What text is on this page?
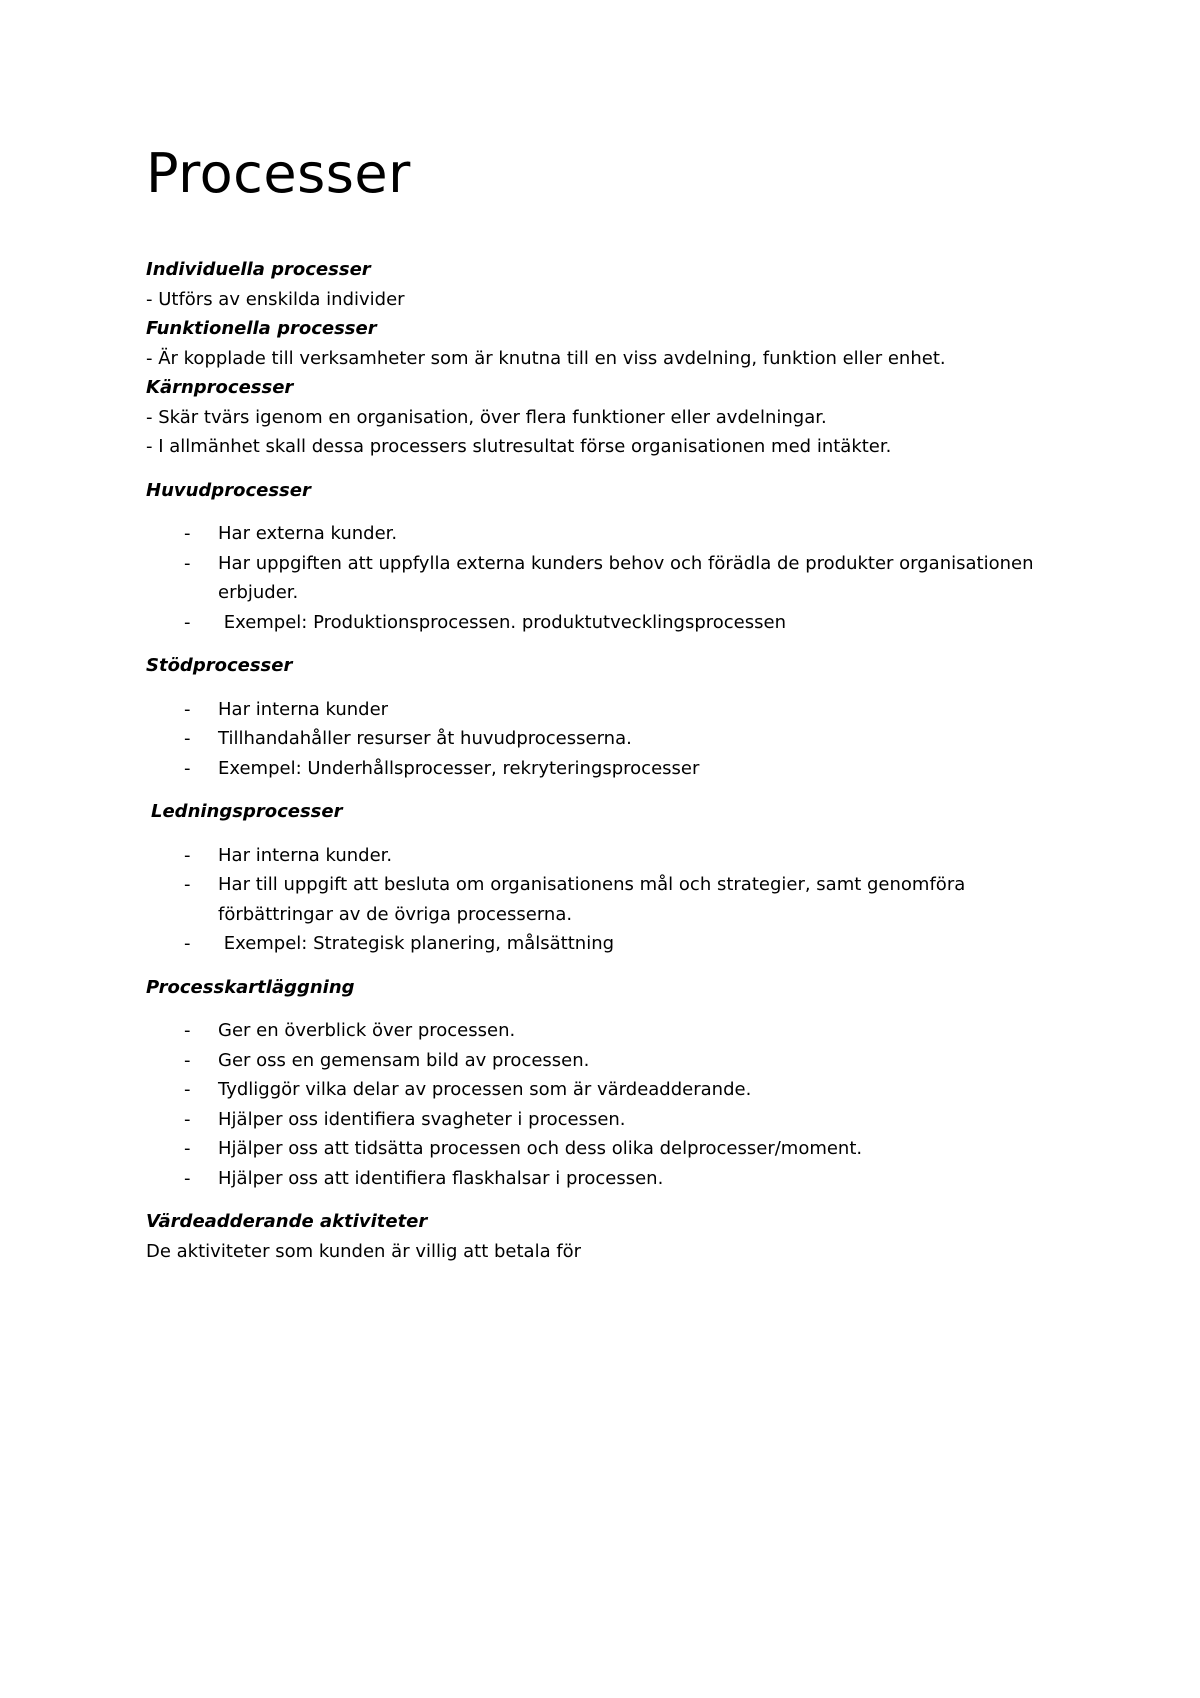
Processer

Individuella processer

- Utförs av enskilda individer

Funktionella processer

- Är kopplade till verksamheter som är knutna till en viss avdelning, funktion eller enhet.

Kärnprocesser

- Skär tvärs igenom en organisation, över flera funktioner eller avdelningar.

- I allmänhet skall dessa processers slutresultat förse organisationen med intäkter.

Huvudprocesser

- Har externa kunder.
- Har uppgiften att uppfylla externa kunders behov och förädla de produkter organisationen erbjuder.
- Exempel: Produktionsprocessen. produktutvecklingsprocessen

Stödprocesser

- Har interna kunder
- Tillhandahåller resurser åt huvudprocesserna.
- Exempel: Underhållsprocesser, rekryteringsprocesser

Ledningsprocesser

- Har interna kunder.
- Har till uppgift att besluta om organisationens mål och strategier, samt genomföra förbättringar av de övriga processerna.
- Exempel: Strategisk planering, målsättning

Processkartläggning

- Ger en överblick över processen.
- Ger oss en gemensam bild av processen.
- Tydliggör vilka delar av processen som är värdeadderande.
- Hjälper oss identifiera svagheter i processen.
- Hjälper oss att tidsätta processen och dess olika delprocesser/moment.
- Hjälper oss att identifiera flaskhalsar i processen.

Värdeadderande aktiviteter

De aktiviteter som kunden är villig att betala för
